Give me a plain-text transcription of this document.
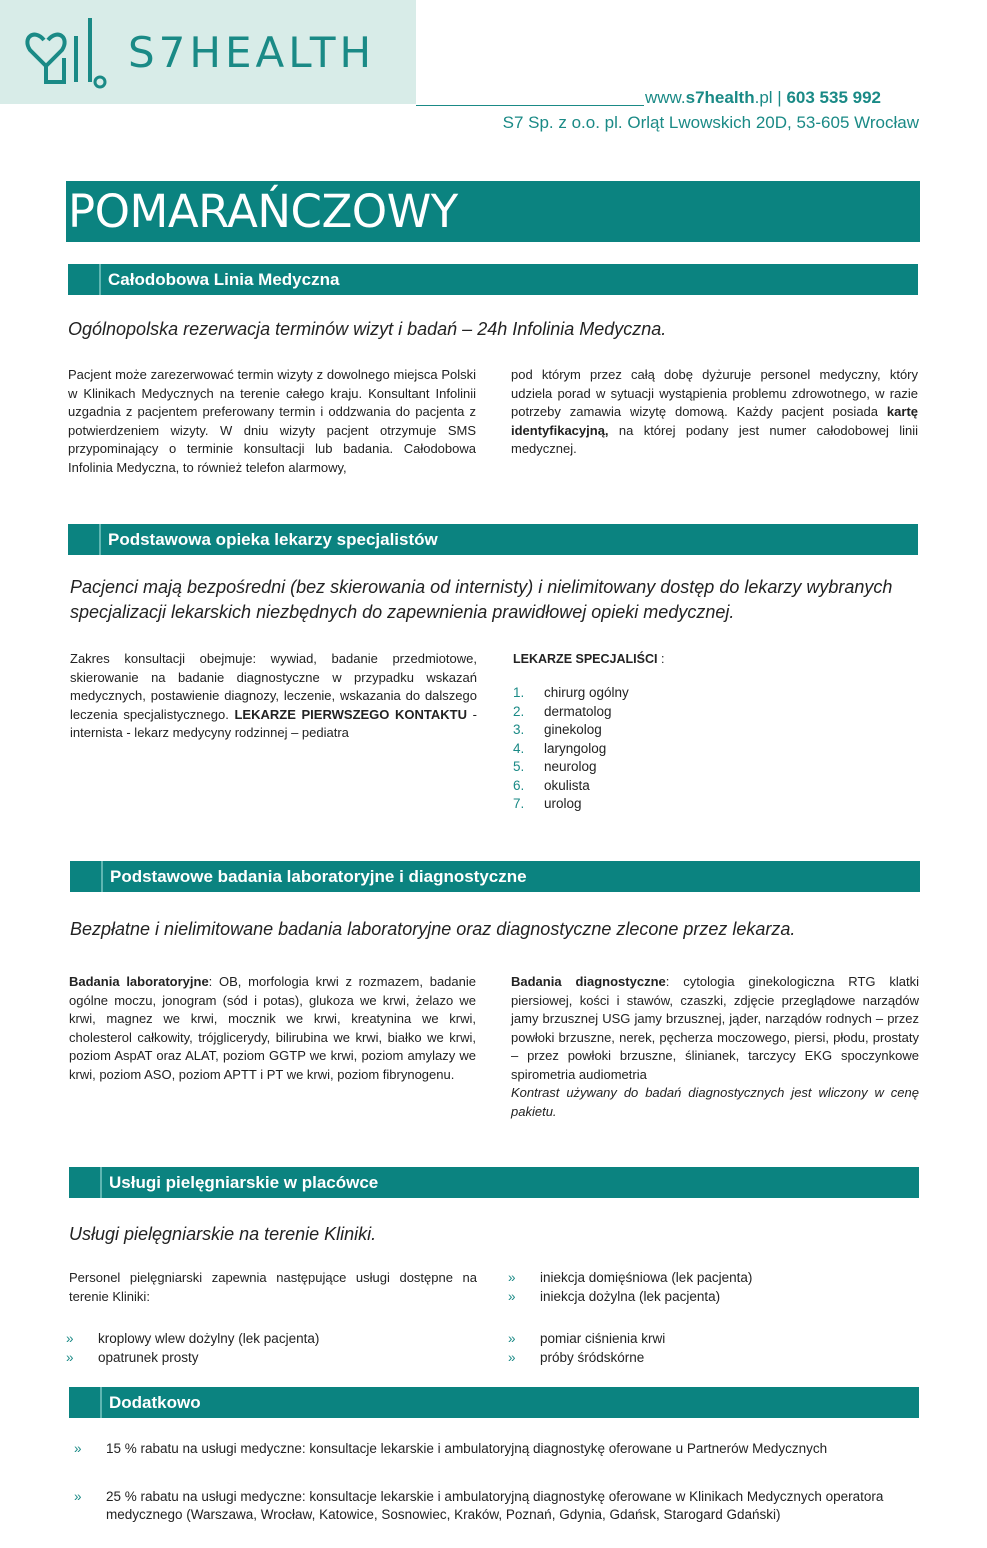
S7HEALTH
www.s7health.pl | 603 535 992
S7 Sp. z o.o. pl. Orląt Lwowskich 20D, 53-605 Wrocław
POMARAŃCZOWY
Całodobowa Linia Medyczna
Ogólnopolska rezerwacja terminów wizyt i badań – 24h Infolinia Medyczna.
Pacjent może zarezerwować termin wizyty z dowolnego miejsca Polski w Klinikach Medycznych na terenie całego kraju. Konsultant Infolinii uzgadnia z pacjentem preferowany termin i oddzwania do pacjenta z potwierdzeniem wizyty. W dniu wizyty pacjent otrzymuje SMS przypominający o terminie konsultacji lub badania. Całodobowa Infolinia Medyczna, to również telefon alarmowy,
pod którym przez całą dobę dyżuruje personel medyczny, który udziela porad w sytuacji wystąpienia problemu zdrowotnego, w razie potrzeby zamawia wizytę domową. Każdy pacjent posiada kartę identyfikacyjną, na której podany jest numer całodobowej linii medycznej.
Podstawowa opieka lekarzy specjalistów
Pacjenci mają bezpośredni (bez skierowania od internisty) i nielimitowany dostęp do lekarzy wybranych specjalizacji lekarskich niezbędnych do zapewnienia prawidłowej opieki medycznej.
Zakres konsultacji obejmuje: wywiad, badanie przedmiotowe, skierowanie na badanie diagnostyczne w przypadku wskazań medycznych, postawienie diagnozy, leczenie, wskazania do dalszego leczenia specjalistycznego. LEKARZE PIERWSZEGO KONTAKTU - internista - lekarz medycyny rodzinnej – pediatra
LEKARZE SPECJALIŚCI :
1. chirurg ogólny
2. dermatolog
3. ginekolog
4. laryngolog
5. neurolog
6. okulista
7. urolog
Podstawowe badania laboratoryjne i diagnostyczne
Bezpłatne i nielimitowane badania laboratoryjne oraz diagnostyczne zlecone przez lekarza.
Badania laboratoryjne: OB, morfologia krwi z rozmazem, badanie ogólne moczu, jonogram (sód i potas), glukoza we krwi, żelazo we krwi, magnez we krwi, mocznik we krwi, kreatynina we krwi, cholesterol całkowity, trójglicerydy, bilirubina we krwi, białko we krwi, poziom AspAT oraz ALAT, poziom GGTP we krwi, poziom amylazy we krwi, poziom ASO, poziom APTT i PT we krwi, poziom fibrynogenu.
Badania diagnostyczne: cytologia ginekologiczna RTG klatki piersiowej, kości i stawów, czaszki, zdjęcie przeglądowe narządów jamy brzusznej USG jamy brzusznej, jąder, narządów rodnych – przez powłoki brzuszne, nerek, pęcherza moczowego, piersi, płodu, prostaty – przez powłoki brzuszne, ślinianek, tarczycy EKG spoczynkowe spirometria audiometria
Kontrast używany do badań diagnostycznych jest wliczony w cenę pakietu.
Usługi pielęgniarskie w placówce
Usługi pielęgniarskie na terenie Kliniki.
Personel pielęgniarski zapewnia następujące usługi dostępne na terenie Kliniki:
» iniekcja domięśniowa (lek pacjenta)
» iniekcja dożylna (lek pacjenta)
» kroplowy wlew dożylny (lek pacjenta)
» opatrunek prosty
» pomiar ciśnienia krwi
» próby śródskórne
Dodatkowo
» 15 % rabatu na usługi medyczne: konsultacje lekarskie i ambulatoryjną diagnostykę oferowane u Partnerów Medycznych
» 25 % rabatu na usługi medyczne: konsultacje lekarskie i ambulatoryjną diagnostykę oferowane w Klinikach Medycznych operatora medycznego (Warszawa, Wrocław, Katowice, Sosnowiec, Kraków, Poznań, Gdynia, Gdańsk, Starogard Gdański)
